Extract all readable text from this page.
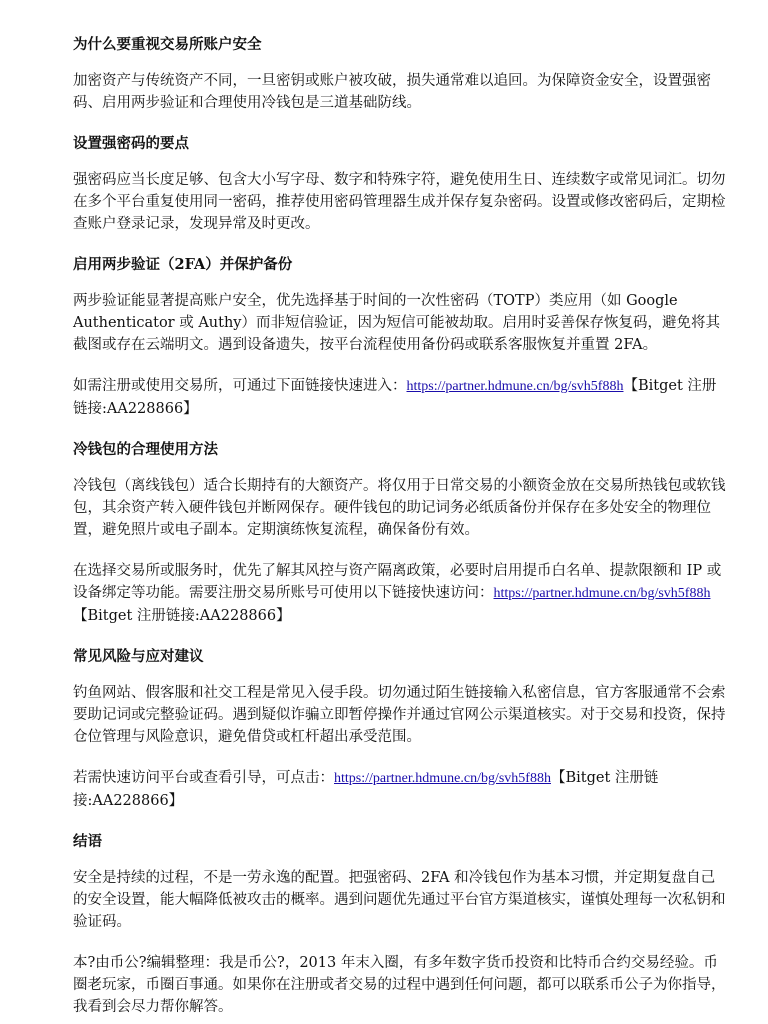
为什么要重视交易所账户安全

加密资产与传统资产不同，一旦密钥或账户被攻破，损失通常难以追回。为保障资金安全，设置强密码、启用两步验证和合理使用冷钱包是三道基础防线。

设置强密码的要点

强密码应当长度足够、包含大小写字母、数字和特殊字符，避免使用生日、连续数字或常见词汇。切勿在多个平台重复使用同一密码，推荐使用密码管理器生成并保存复杂密码。设置或修改密码后，定期检查账户登录记录，发现异常及时更改。

启用两步验证（2FA）并保护备份

两步验证能显著提高账户安全，优先选择基于时间的一次性密码（TOTP）类应用（如 Google Authenticator 或 Authy）而非短信验证，因为短信可能被劫取。启用时妥善保存恢复码，避免将其截图或存在云端明文。遇到设备遗失，按平台流程使用备份码或联系客服恢复并重置 2FA。

如需注册或使用交易所，可通过下面链接快速进入：https://partner.hdmune.cn/bg/svh5f88h【Bitget 注册链接:AA228866】

冷钱包的合理使用方法

冷钱包（离线钱包）适合长期持有的大额资产。将仅用于日常交易的小额资金放在交易所热钱包或软钱包，其余资产转入硬件钱包并断网保存。硬件钱包的助记词务必纸质备份并保存在多处安全的物理位置，避免照片或电子副本。定期演练恢复流程，确保备份有效。

在选择交易所或服务时，优先了解其风控与资产隔离政策，必要时启用提币白名单、提款限额和 IP 或设备绑定等功能。需要注册交易所账号可使用以下链接快速访问：https://partner.hdmune.cn/bg/svh5f88h【Bitget 注册链接:AA228866】

常见风险与应对建议

钓鱼网站、假客服和社交工程是常见入侵手段。切勿通过陌生链接输入私密信息，官方客服通常不会索要助记词或完整验证码。遇到疑似诈骗立即暂停操作并通过官网公示渠道核实。对于交易和投资，保持仓位管理与风险意识，避免借贷或杠杆超出承受范围。

若需快速访问平台或查看引导，可点击：https://partner.hdmune.cn/bg/svh5f88h【Bitget 注册链接:AA228866】

结语

安全是持续的过程，不是一劳永逸的配置。把强密码、2FA 和冷钱包作为基本习惯，并定期复盘自己的安全设置，能大幅降低被攻击的概率。遇到问题优先通过平台官方渠道核实，谨慎处理每一次私钥和验证码。

本?由币公?编辑整理：我是币公?，2013 年末入圈，有多年数字货币投资和比特币合约交易经验。币圈老玩家，币圈百事通。如果你在注册或者交易的过程中遇到任何问题，都可以联系币公子为你指导，我看到会尽力帮你解答。
